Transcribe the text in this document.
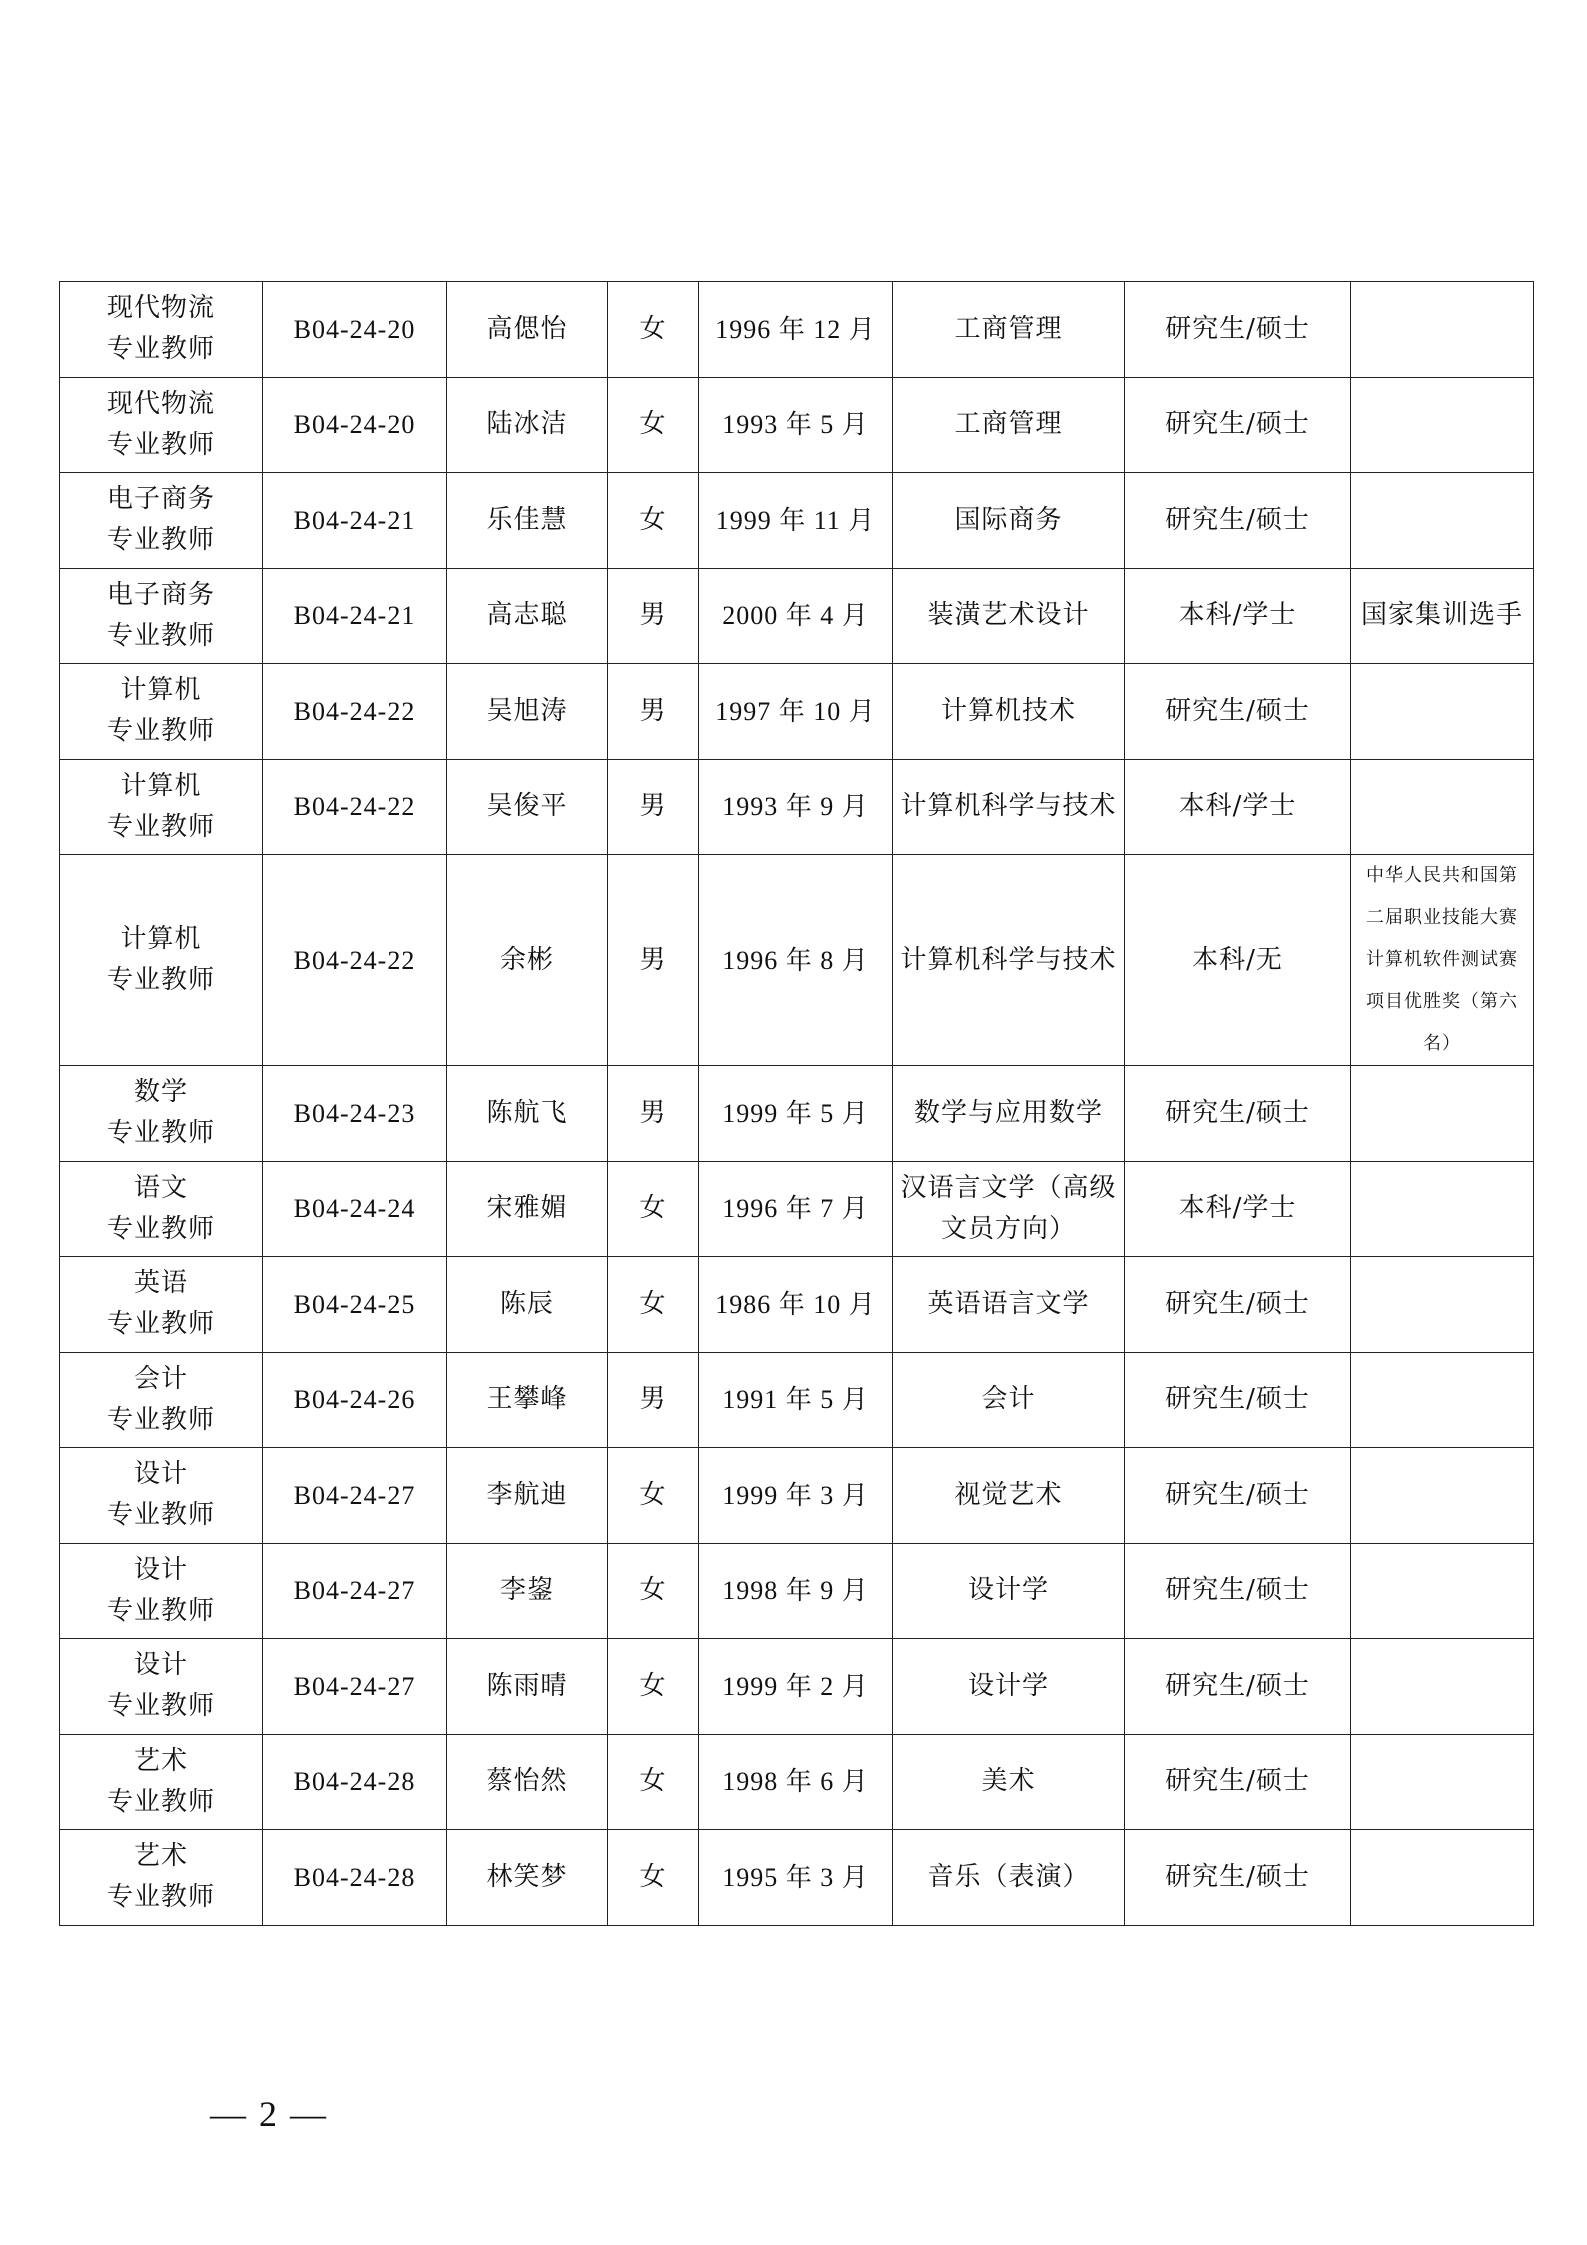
现代物流
专业教师	B04-24-20	高偲怡	女	1996 年 12 月	工商管理	研究生/硕士	

现代物流
专业教师	B04-24-20	陆冰洁	女	1993 年 5 月	工商管理	研究生/硕士	

电子商务
专业教师	B04-24-21	乐佳慧	女	1999 年 11 月	国际商务	研究生/硕士	

电子商务
专业教师	B04-24-21	高志聪	男	2000 年 4 月	装潢艺术设计	本科/学士	国家集训选手

计算机
专业教师	B04-24-22	吴旭涛	男	1997 年 10 月	计算机技术	研究生/硕士	

计算机
专业教师	B04-24-22	吴俊平	男	1993 年 9 月	计算机科学与技术	本科/学士	

计算机
专业教师	B04-24-22	余彬	男	1996 年 8 月	计算机科学与技术	本科/无	中华人民共和国第二届职业技能大赛计算机软件测试赛项目优胜奖（第六名）

数学
专业教师	B04-24-23	陈航飞	男	1999 年 5 月	数学与应用数学	研究生/硕士	

语文
专业教师	B04-24-24	宋雅媚	女	1996 年 7 月	汉语言文学（高级文员方向）	本科/学士	

英语
专业教师	B04-24-25	陈辰	女	1986 年 10 月	英语语言文学	研究生/硕士	

会计
专业教师	B04-24-26	王攀峰	男	1991 年 5 月	会计	研究生/硕士	

设计
专业教师	B04-24-27	李航迪	女	1999 年 3 月	视觉艺术	研究生/硕士	

设计
专业教师	B04-24-27	李鋆	女	1998 年 9 月	设计学	研究生/硕士	

设计
专业教师	B04-24-27	陈雨晴	女	1999 年 2 月	设计学	研究生/硕士	

艺术
专业教师	B04-24-28	蔡怡然	女	1998 年 6 月	美术	研究生/硕士	

艺术
专业教师	B04-24-28	林笑梦	女	1995 年 3 月	音乐（表演）	研究生/硕士	
— 2 —
